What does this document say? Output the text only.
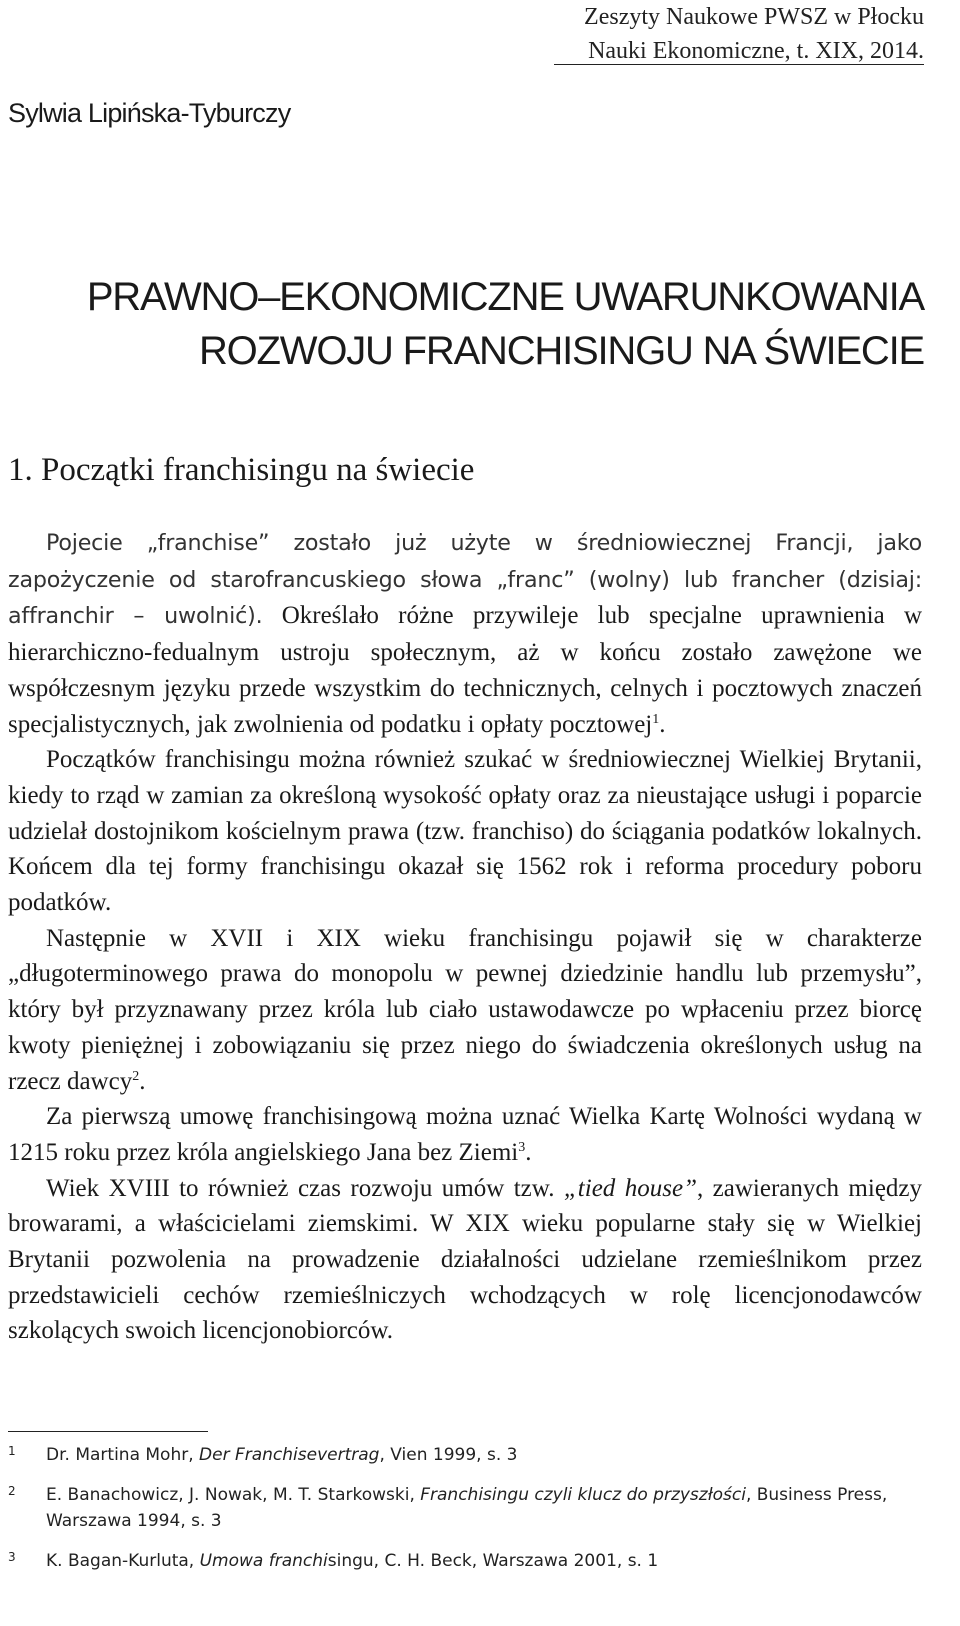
Zeszyty Naukowe PWSZ w Płocku
Nauki Ekonomiczne, t. XIX, 2014.
Sylwia Lipińska-Tyburczy
PRAWNO–EKONOMICZNE UWARUNKOWANIA
ROZWOJU FRANCHISINGU NA ŚWIECIE
1. Początki franchisingu na świecie

Pojecie „franchise” zostało już użyte w średniowiecznej Francji, jako zapożyczenie od starofrancuskiego słowa „franc” (wolny) lub francher (dzisiaj: affranchir – uwolnić). Określało różne przywileje lub specjalne uprawnienia w hierarchiczno-fedualnym ustroju społecznym, aż w końcu zostało zawężone we współczesnym języku przede wszystkim do technicznych, celnych i pocztowych znaczeń specjalistycznych, jak zwolnienia od podatku i opłaty pocztowej$^1$.

Początków franchisingu można również szukać w średniowiecznej Wielkiej Brytanii, kiedy to rząd w zamian za określoną wysokość opłaty oraz za nieustające usługi i poparcie udzielał dostojnikom kościelnym prawa (tzw. franchiso) do ściągania podatków lokalnych. Końcem dla tej formy franchisingu okazał się 1562 rok i reforma procedury poboru podatków.

Następnie w XVII i XIX wieku franchisingu pojawił się w charakterze „długoterminowego prawa do monopolu w pewnej dziedzinie handlu lub przemysłu”, który był przyznawany przez króla lub ciało ustawodawcze po wpłaceniu przez biorcę kwoty pieniężnej i zobowiązaniu się przez niego do świadczenia określonych usług na rzecz dawcy$^2$.

Za pierwszą umowę franchisingową można uznać Wielka Kartę Wolności wydaną w 1215 roku przez króla angielskiego Jana bez Ziemi$^3$.

Wiek XVIII to również czas rozwoju umów tzw. „tied house”, zawieranych między browarami, a właścicielami ziemskimi. W XIX wieku popularne stały się w Wielkiej Brytanii pozwolenia na prowadzenie działalności udzielane rzemieślnikom przez przedstawicieli cechów rzemieślniczych wchodzących w rolę licencjonodawców szkolących swoich licencjonobiorców.

1 Dr. Martina Mohr, Der Franchisevertrag, Vien 1999, s. 3
2 E. Banachowicz, J. Nowak, M. T. Starkowski, Franchisingu czyli klucz do przyszłości, Business Press, Warszawa 1994, s. 3
3 K. Bagan-Kurluta, Umowa franchisingu, C. H. Beck, Warszawa 2001, s. 1
